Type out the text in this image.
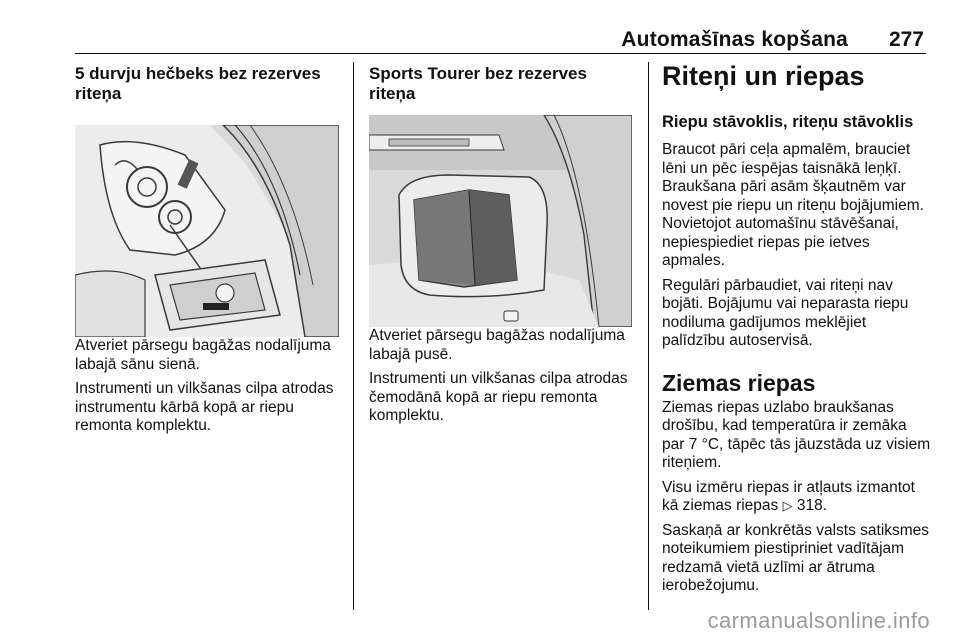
Automašīnas kopšana 277
5 durvju hečbeks bez rezerves riteņa

Atveriet pārsegu bagāžas nodalījuma labajā sānu sienā.

Instrumenti un vilkšanas cilpa atrodas instrumentu kārbā kopā ar riepu remonta komplektu.

Sports Tourer bez rezerves riteņa

Atveriet pārsegu bagāžas nodalījuma labajā pusē.

Instrumenti un vilkšanas cilpa atrodas čemodānā kopā ar riepu remonta komplektu.

Riteņi un riepas
Riepu stāvoklis, riteņu stāvoklis

Braucot pāri ceļa apmalēm, brauciet lēni un pēc iespējas taisnākā leņķī. Braukšana pāri asām šķautnēm var novest pie riepu un riteņu bojājumiem. Novietojot automašīnu stāvēšanai, nepiespiediet riepas pie ietves apmales.

Regulāri pārbaudiet, vai riteņi nav bojāti. Bojājumu vai neparasta riepu nodiluma gadījumos meklējiet palīdzību autoservisā.

Ziemas riepas

Ziemas riepas uzlabo braukšanas drošību, kad temperatūra ir zemāka par 7 °C, tāpēc tās jāuzstāda uz visiem riteņiem.

Visu izmēru riepas ir atļauts izmantot kā ziemas riepas ▷ 318.

Saskaņā ar konkrētās valsts satiksmes noteikumiem piestipriniet vadītājam redzamā vietā uzlīmi ar ātruma ierobežojumu.

carmanualsonline.info
